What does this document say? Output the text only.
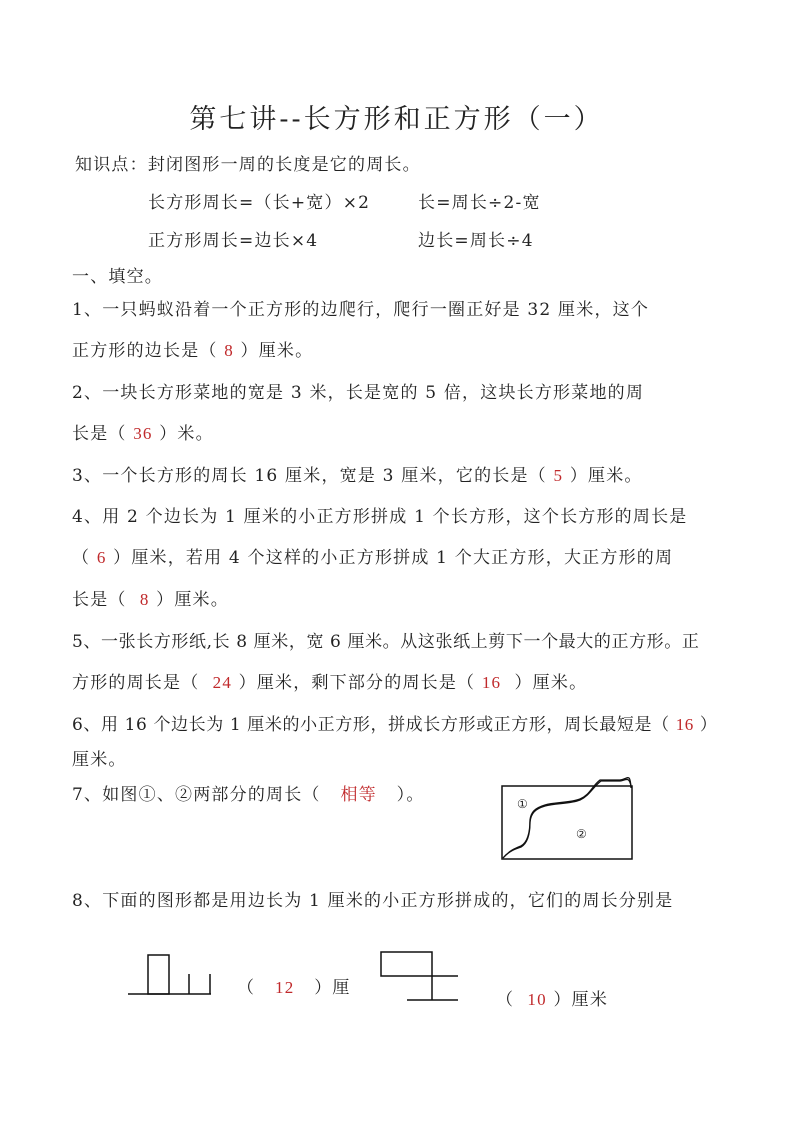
第七讲--长方形和正方形（一）
知识点：封闭图形一周的长度是它的周长。
长方形周长=（长+宽）×2	长=周长÷2-宽
正方形周长=边长×4	边长=周长÷4
一、填空。
1、一只蚂蚁沿着一个正方形的边爬行，爬行一圈正好是 32 厘米，这个
正方形的边长是（ 8 ）厘米。
2、一块长方形菜地的宽是 3 米，长是宽的 5 倍，这块长方形菜地的周
长是（ 36 ）米。
3、一个长方形的周长 16 厘米，宽是 3 厘米，它的长是（ 5 ）厘米。
4、用 2 个边长为 1 厘米的小正方形拼成 1 个长方形，这个长方形的周长是
（ 6 ）厘米，若用 4 个这样的小正方形拼成 1 个大正方形，大正方形的周
长是（ 8 ）厘米。
5、一张长方形纸,长 8 厘米，宽 6 厘米。从这张纸上剪下一个最大的正方形。正
方形的周长是（ 24 ）厘米，剩下部分的周长是（ 16 ）厘米。
6、用 16 个边长为 1 厘米的小正方形，拼成长方形或正方形，周长最短是（ 16 ）
厘米。
7、如图①、②两部分的周长（ 相等 ）。	①
②
8、下面的图形都是用边长为 1 厘米的小正方形拼成的，它们的周长分别是
（ 12 ）厘
（ 10 ）厘米
